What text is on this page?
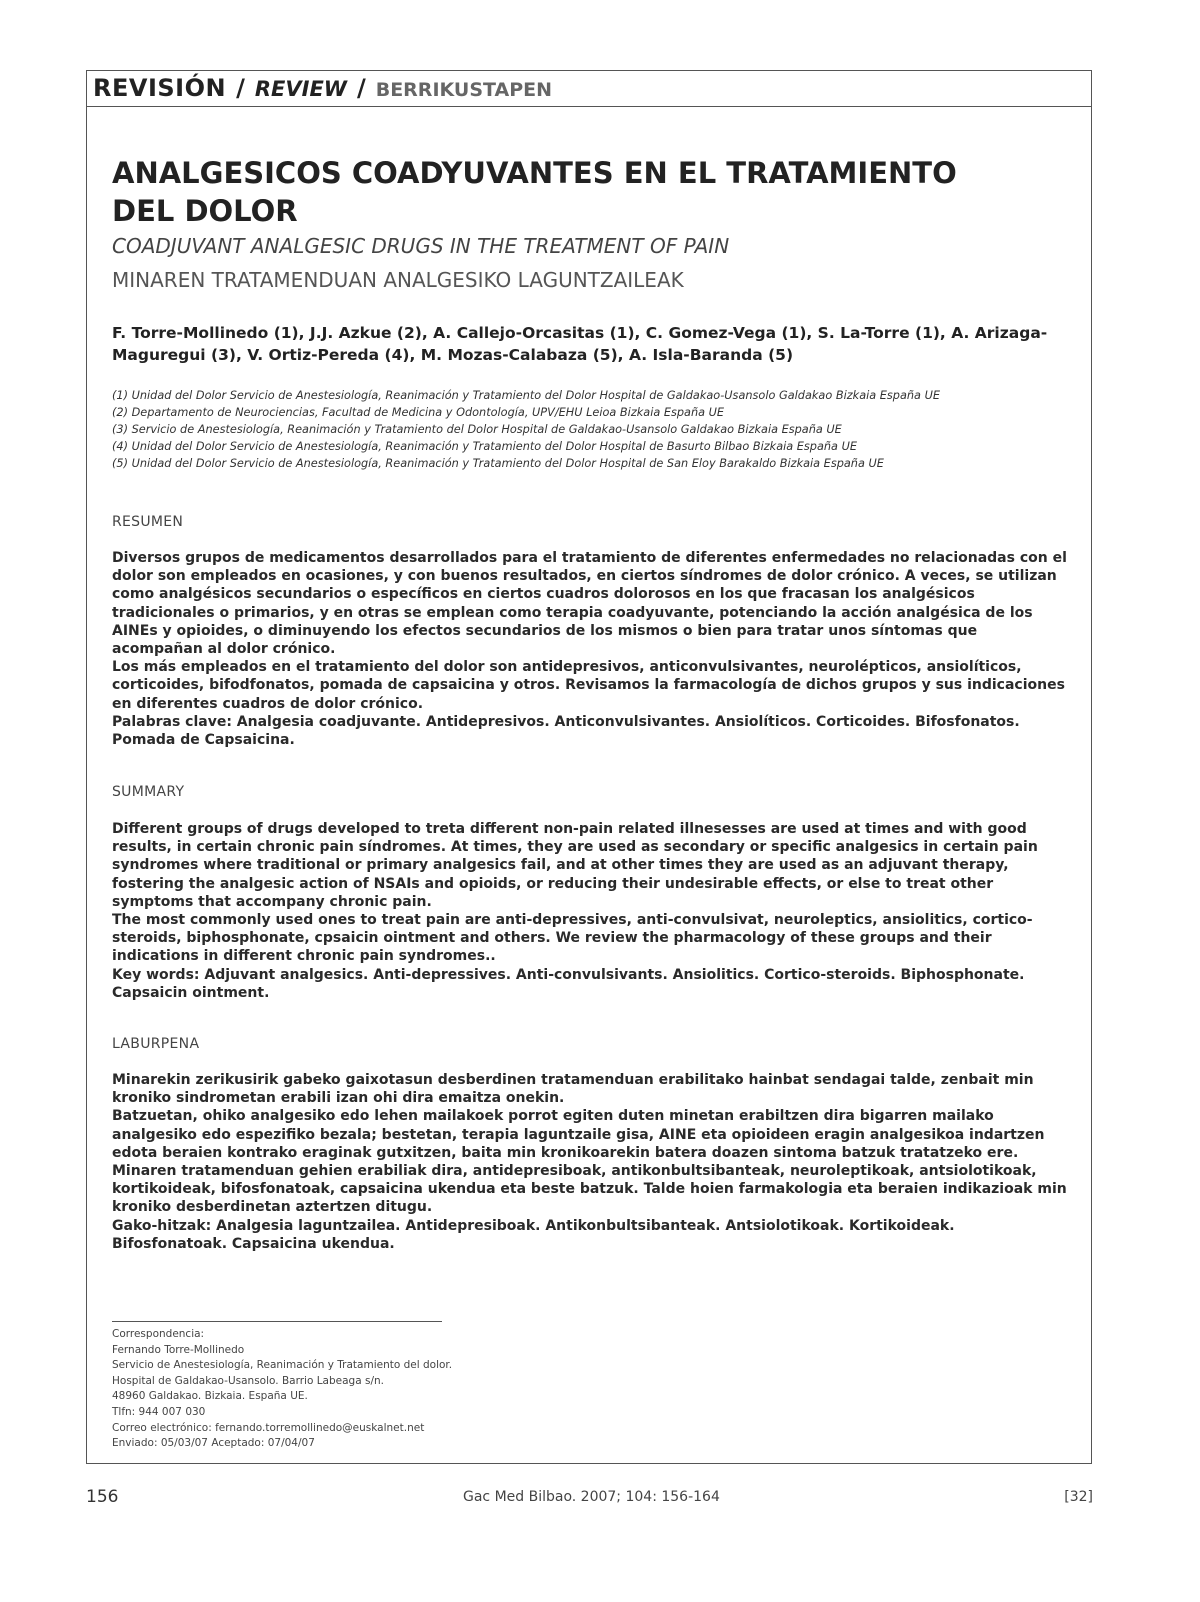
REVISIÓN / REVIEW / BERRIKUSTAPEN
ANALGESICOS COADYUVANTES EN EL TRATAMIENTO DEL DOLOR
COADJUVANT ANALGESIC DRUGS IN THE TREATMENT OF PAIN
MINAREN TRATAMENDUAN ANALGESIKO LAGUNTZAILEAK
F. Torre-Mollinedo (1), J.J. Azkue (2), A. Callejo-Orcasitas (1), C. Gomez-Vega (1), S. La-Torre (1), A. Arizaga-Maguregui (3), V. Ortiz-Pereda (4), M. Mozas-Calabaza (5), A. Isla-Baranda (5)
(1) Unidad del Dolor Servicio de Anestesiología, Reanimación y Tratamiento del Dolor Hospital de Galdakao-Usansolo Galdakao Bizkaia España UE
(2) Departamento de Neurociencias, Facultad de Medicina y Odontología, UPV/EHU Leioa Bizkaia España UE
(3) Servicio de Anestesiología, Reanimación y Tratamiento del Dolor Hospital de Galdakao-Usansolo Galdakao Bizkaia España UE
(4) Unidad del Dolor Servicio de Anestesiología, Reanimación y Tratamiento del Dolor Hospital de Basurto Bilbao Bizkaia España UE
(5) Unidad del Dolor Servicio de Anestesiología, Reanimación y Tratamiento del Dolor Hospital de San Eloy Barakaldo Bizkaia España UE
RESUMEN

Diversos grupos de medicamentos desarrollados para el tratamiento de diferentes enfermedades no relacionadas con el dolor son empleados en ocasiones, y con buenos resultados, en ciertos síndromes de dolor crónico. A veces, se utilizan como analgésicos secundarios o específicos en ciertos cuadros dolorosos en los que fracasan los analgésicos tradicionales o primarios, y en otras se emplean como terapia coadyuvante, potenciando la acción analgésica de los AINEs y opioides, o diminuyendo los efectos secundarios de los mismos o bien para tratar unos síntomas que acompañan al dolor crónico.

Los más empleados en el tratamiento del dolor son antidepresivos, anticonvulsivantes, neurolépticos, ansiolíticos, corticoides, bifodfonatos, pomada de capsaicina y otros. Revisamos la farmacología de dichos grupos y sus indicaciones en diferentes cuadros de dolor crónico.

Palabras clave: Analgesia coadjuvante. Antidepresivos. Anticonvulsivantes. Ansiolíticos. Corticoides. Bifosfonatos. Pomada de Capsaicina.

SUMMARY

Different groups of drugs developed to treta different non-pain related illnesesses are used at times and with good results, in certain chronic pain síndromes. At times, they are used as secondary or specific analgesics in certain pain syndromes where traditional or primary analgesics fail, and at other times they are used as an adjuvant therapy, fostering the analgesic action of NSAIs and opioids, or reducing their undesirable effects, or else to treat other symptoms that accompany chronic pain.

The most commonly used ones to treat pain are anti-depressives, anti-convulsivat, neuroleptics, ansiolitics, cortico-steroids, biphosphonate, cpsaicin ointment and others. We review the pharmacology of these groups and their indications in different chronic pain syndromes..

Key words: Adjuvant analgesics. Anti-depressives. Anti-convulsivants. Ansiolitics. Cortico-steroids. Biphosphonate. Capsaicin ointment.

LABURPENA

Minarekin zerikusirik gabeko gaixotasun desberdinen tratamenduan erabilitako hainbat sendagai talde, zenbait min kroniko sindrometan erabili izan ohi dira emaitza onekin.

Batzuetan, ohiko analgesiko edo lehen mailakoek porrot egiten duten minetan erabiltzen dira bigarren mailako analgesiko edo espezifiko bezala; bestetan, terapia laguntzaile gisa, AINE eta opioideen eragin analgesikoa indartzen edota beraien kontrako eraginak gutxitzen, baita min kronikoarekin batera doazen sintoma batzuk tratatzeko ere.

Minaren tratamenduan gehien erabiliak dira, antidepresiboak, antikonbultsibanteak, neuroleptikoak, antsiolotikoak, kortikoideak, bifosfonatoak, capsaicina ukendua eta beste batzuk. Talde hoien farmakologia eta beraien indikazioak min kroniko desberdinetan aztertzen ditugu.

Gako-hitzak: Analgesia laguntzailea. Antidepresiboak. Antikonbultsibanteak. Antsiolotikoak. Kortikoideak. Bifosfonatoak. Capsaicina ukendua.

Correspondencia:
Fernando Torre-Mollinedo
Servicio de Anestesiología, Reanimación y Tratamiento del dolor.
Hospital de Galdakao-Usansolo. Barrio Labeaga s/n.
48960 Galdakao. Bizkaia. España UE.
Tlfn: 944 007 030
Correo electrónico: fernando.torremollinedo@euskalnet.net
Enviado: 05/03/07 Aceptado: 07/04/07
156	Gac Med Bilbao. 2007; 104: 156-164	[32]
